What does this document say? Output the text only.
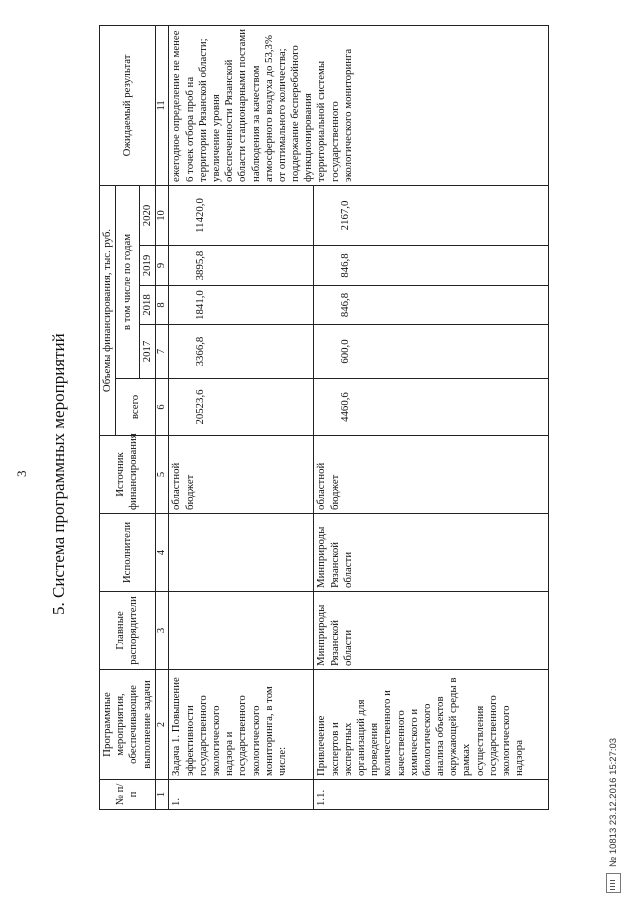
3 5. Система программных мероприятий
№ п/п	Программные мероприятия, обеспечивающие выполнение задачи	Главные распорядители	Исполнители	Источник финансирования	Объемы финансирования, тыс. руб.					Ожидаемый результат
					всего	в том числе по годам				
						2017	2018	2019	2020	
1	2	3	4	5	6	7	8	9	10	11
1.	Задача 1. Повышение эффективности государственного экологического надзора и государственного экологического мониторинга, в том числе:			областной бюджет	20523,6	3366,8	1841,0	3895,8	11420,0	ежегодное определение не менее 6 точек отбора проб на территории Рязанской области; увеличение уровня обеспеченности Рязанской области стационарными постами наблюдения за качеством атмосферного воздуха до 53,3% от оптимального количества; поддержание бесперебойного функционирования территориальной системы государственного экологического мониторинга
1.1.	Привлечение экспертов и экспертных организаций для проведения количественного и качественного химического и биологического анализа объектов окружающей среды в рамках осуществления государственного экологического надзора	Минприроды Рязанской области	Минприроды Рязанской области	областной бюджет	4460,6	600,0	846,8	846,8	2167,0	
№ 10813 23.12.2016 15:27:03
